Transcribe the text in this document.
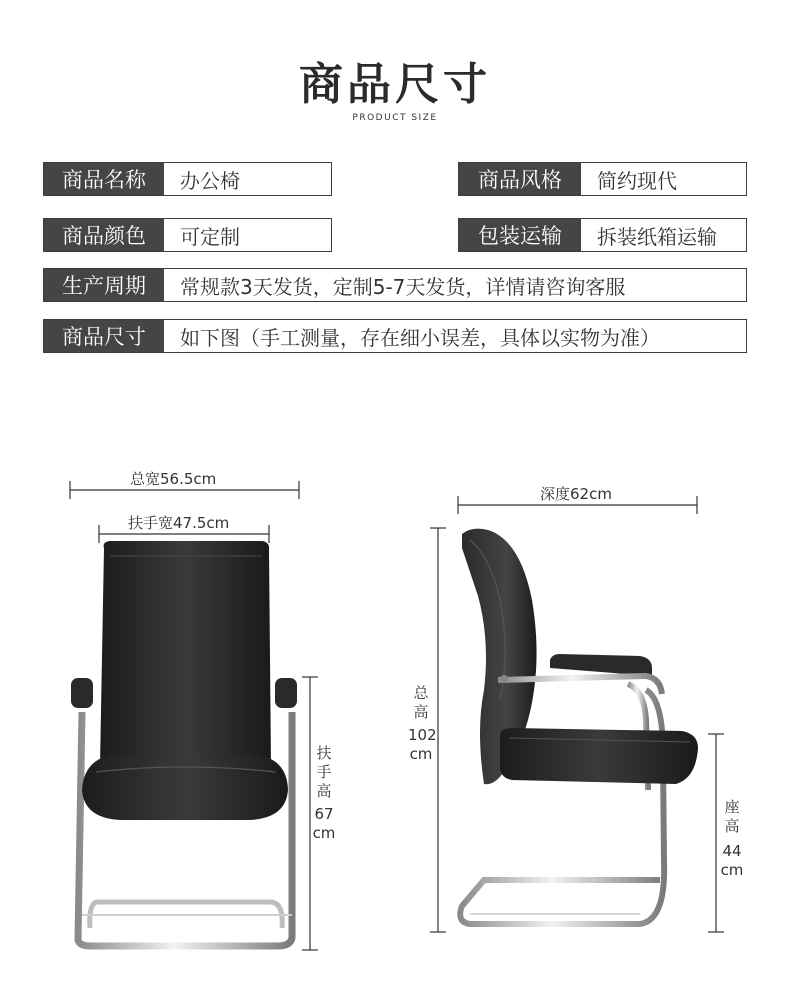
商品尺寸
PRODUCT SIZE
商品名称	办公椅	商品风格	简约现代
商品颜色	可定制	包装运输	拆装纸箱运输
生产周期	常规款3天发货，定制5-7天发货，详情请咨询客服
商品尺寸	如下图（手工测量，存在细小误差，具体以实物为准）
总宽56.5cm
扶手宽47.5cm
扶
手
高
67
cm
深度62cm
总
高
102
cm
座
高
44
cm
